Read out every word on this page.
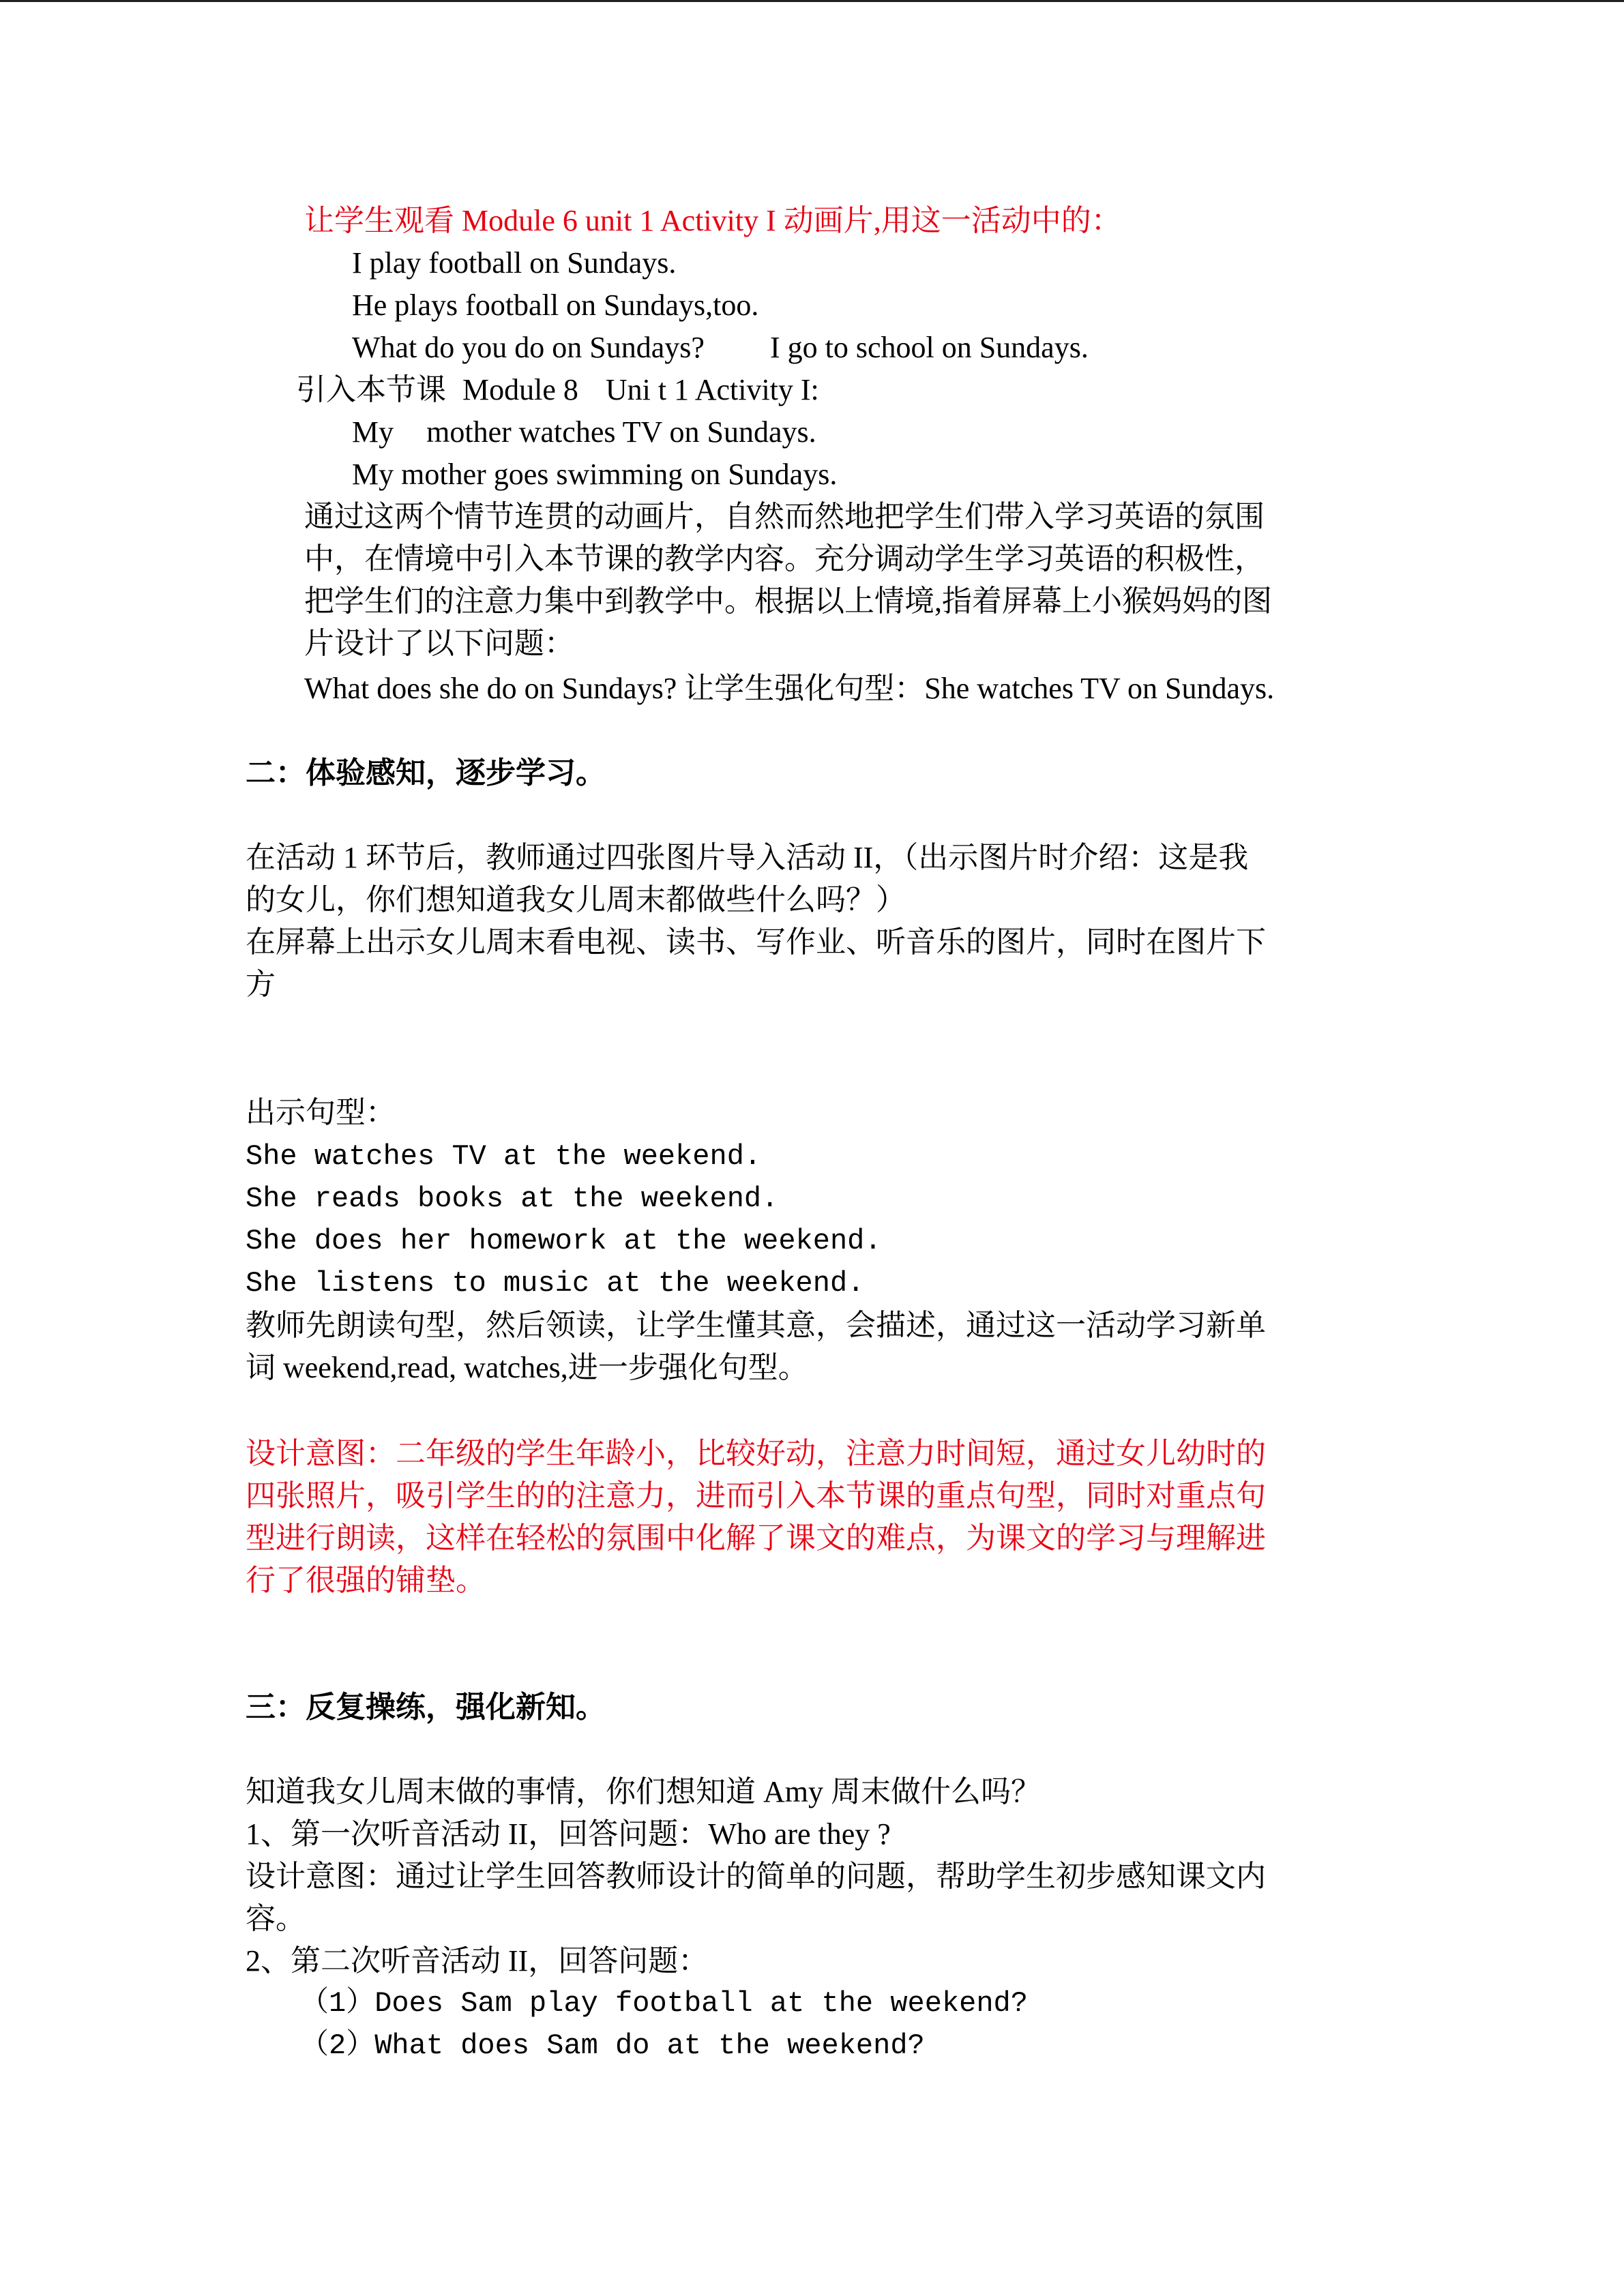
让学生观看 Module 6 unit 1 Activity I 动画片,用这一活动中的：
I play football on Sundays.
He plays football on Sundays,too.
What do you do on Sundays? I go to school on Sundays.
引入本节课 Module 8 Uni t 1 Activity I:
My mother watches TV on Sundays.
My mother goes swimming on Sundays.
通过这两个情节连贯的动画片，自然而然地把学生们带入学习英语的氛围
中，在情境中引入本节课的教学内容。充分调动学生学习英语的积极性，
把学生们的注意力集中到教学中。根据以上情境,指着屏幕上小猴妈妈的图
片设计了以下问题：
What does she do on Sundays? 让学生强化句型：She watches TV on Sundays.
二：体验感知，逐步学习。
在活动 1 环节后，教师通过四张图片导入活动 II，（出示图片时介绍：这是我
的女儿，你们想知道我女儿周末都做些什么吗？）
在屏幕上出示女儿周末看电视、读书、写作业、听音乐的图片，同时在图片下
方
出示句型：
She watches TV at the weekend.
She reads books at the weekend.
She does her homework at the weekend.
She listens to music at the weekend.
教师先朗读句型，然后领读，让学生懂其意，会描述，通过这一活动学习新单
词 weekend,read, watches,进一步强化句型。
设计意图：二年级的学生年龄小，比较好动，注意力时间短，通过女儿幼时的
四张照片，吸引学生的的注意力，进而引入本节课的重点句型，同时对重点句
型进行朗读，这样在轻松的氛围中化解了课文的难点，为课文的学习与理解进
行了很强的铺垫。
三：反复操练，强化新知。
知道我女儿周末做的事情，你们想知道 Amy 周末做什么吗？
1、第一次听音活动 II，回答问题：Who are they ?
设计意图：通过让学生回答教师设计的简单的问题，帮助学生初步感知课文内
容。
2、第二次听音活动 II，回答问题：
（1）Does Sam play football at the weekend?
（2）What does Sam do at the weekend?
